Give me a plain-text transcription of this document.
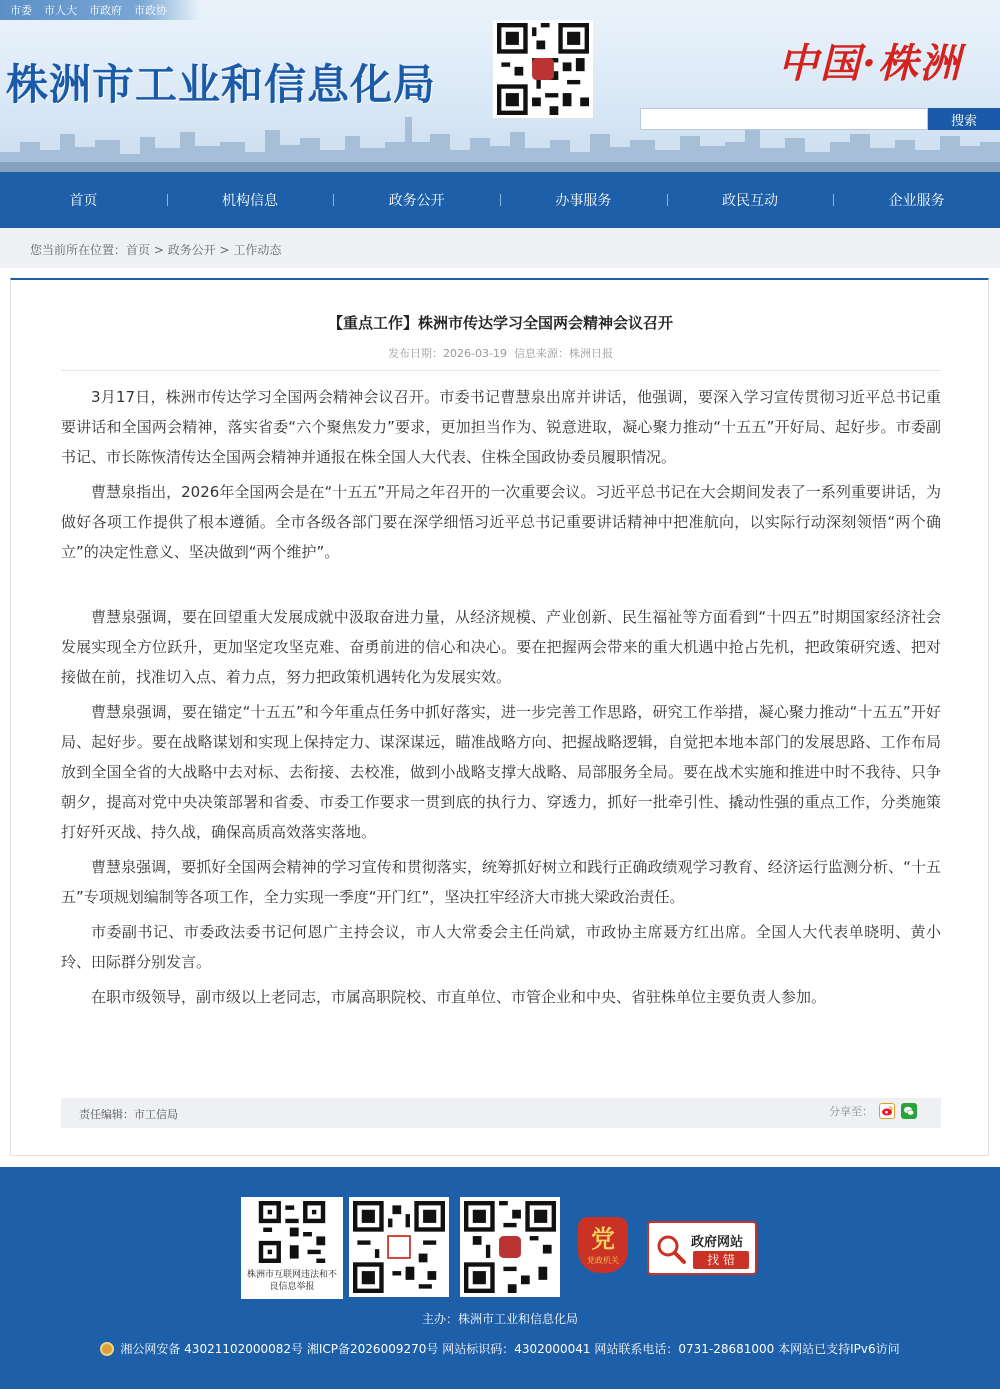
市委 市人大 市政府 市政协
株洲市工业和信息化局	中国·株洲
搜索
首页	机构信息	政务公开	办事服务	政民互动	企业服务
您当前所在位置：首页 > 政务公开 > 工作动态
【重点工作】株洲市传达学习全国两会精神会议召开
发布日期：2026-03-19 信息来源：株洲日报

3月17日，株洲市传达学习全国两会精神会议召开。市委书记曹慧泉出席并讲话，他强调，要深入学习宣传贯彻习近平总书记重要讲话和全国两会精神，落实省委“六个聚焦发力”要求，更加担当作为、锐意进取，凝心聚力推动“十五五”开好局、起好步。市委副书记、市长陈恢清传达全国两会精神并通报在株全国人大代表、住株全国政协委员履职情况。

曹慧泉指出，2026年全国两会是在“十五五”开局之年召开的一次重要会议。习近平总书记在大会期间发表了一系列重要讲话，为做好各项工作提供了根本遵循。全市各级各部门要在深学细悟习近平总书记重要讲话精神中把准航向，以实际行动深刻领悟“两个确立”的决定性意义、坚决做到“两个维护”。

曹慧泉强调，要在回望重大发展成就中汲取奋进力量，从经济规模、产业创新、民生福祉等方面看到“十四五”时期国家经济社会发展实现全方位跃升，更加坚定攻坚克难、奋勇前进的信心和决心。要在把握两会带来的重大机遇中抢占先机，把政策研究透、把对接做在前，找准切入点、着力点，努力把政策机遇转化为发展实效。

曹慧泉强调，要在锚定“十五五”和今年重点任务中抓好落实，进一步完善工作思路，研究工作举措，凝心聚力推动“十五五”开好局、起好步。要在战略谋划和实现上保持定力、谋深谋远，瞄准战略方向、把握战略逻辑，自觉把本地本部门的发展思路、工作布局放到全国全省的大战略中去对标、去衔接、去校准，做到小战略支撑大战略、局部服务全局。要在战术实施和推进中时不我待、只争朝夕，提高对党中央决策部署和省委、市委工作要求一贯到底的执行力、穿透力，抓好一批牵引性、撬动性强的重点工作，分类施策打好歼灭战、持久战，确保高质高效落实落地。

曹慧泉强调，要抓好全国两会精神的学习宣传和贯彻落实，统筹抓好树立和践行正确政绩观学习教育、经济运行监测分析、“十五五”专项规划编制等各项工作，全力实现一季度“开门红”，坚决扛牢经济大市挑大梁政治责任。

市委副书记、市委政法委书记何恩广主持会议，市人大常委会主任尚斌，市政协主席聂方红出席。全国人大代表单晓明、黄小玲、田际群分别发言。

在职市级领导，副市级以上老同志，市属高职院校、市直单位、市管企业和中央、省驻株单位主要负责人参加。

责任编辑：市工信局	分享至：
株洲市互联网违法和不良信息举报
党
党政机关
政府网站
找 错
主办：株洲市工业和信息化局
湘公网安备 43021102000082号 湘ICP备2026009270号 网站标识码：4302000041 网站联系电话：0731-28681000 本网站已支持IPv6访问
